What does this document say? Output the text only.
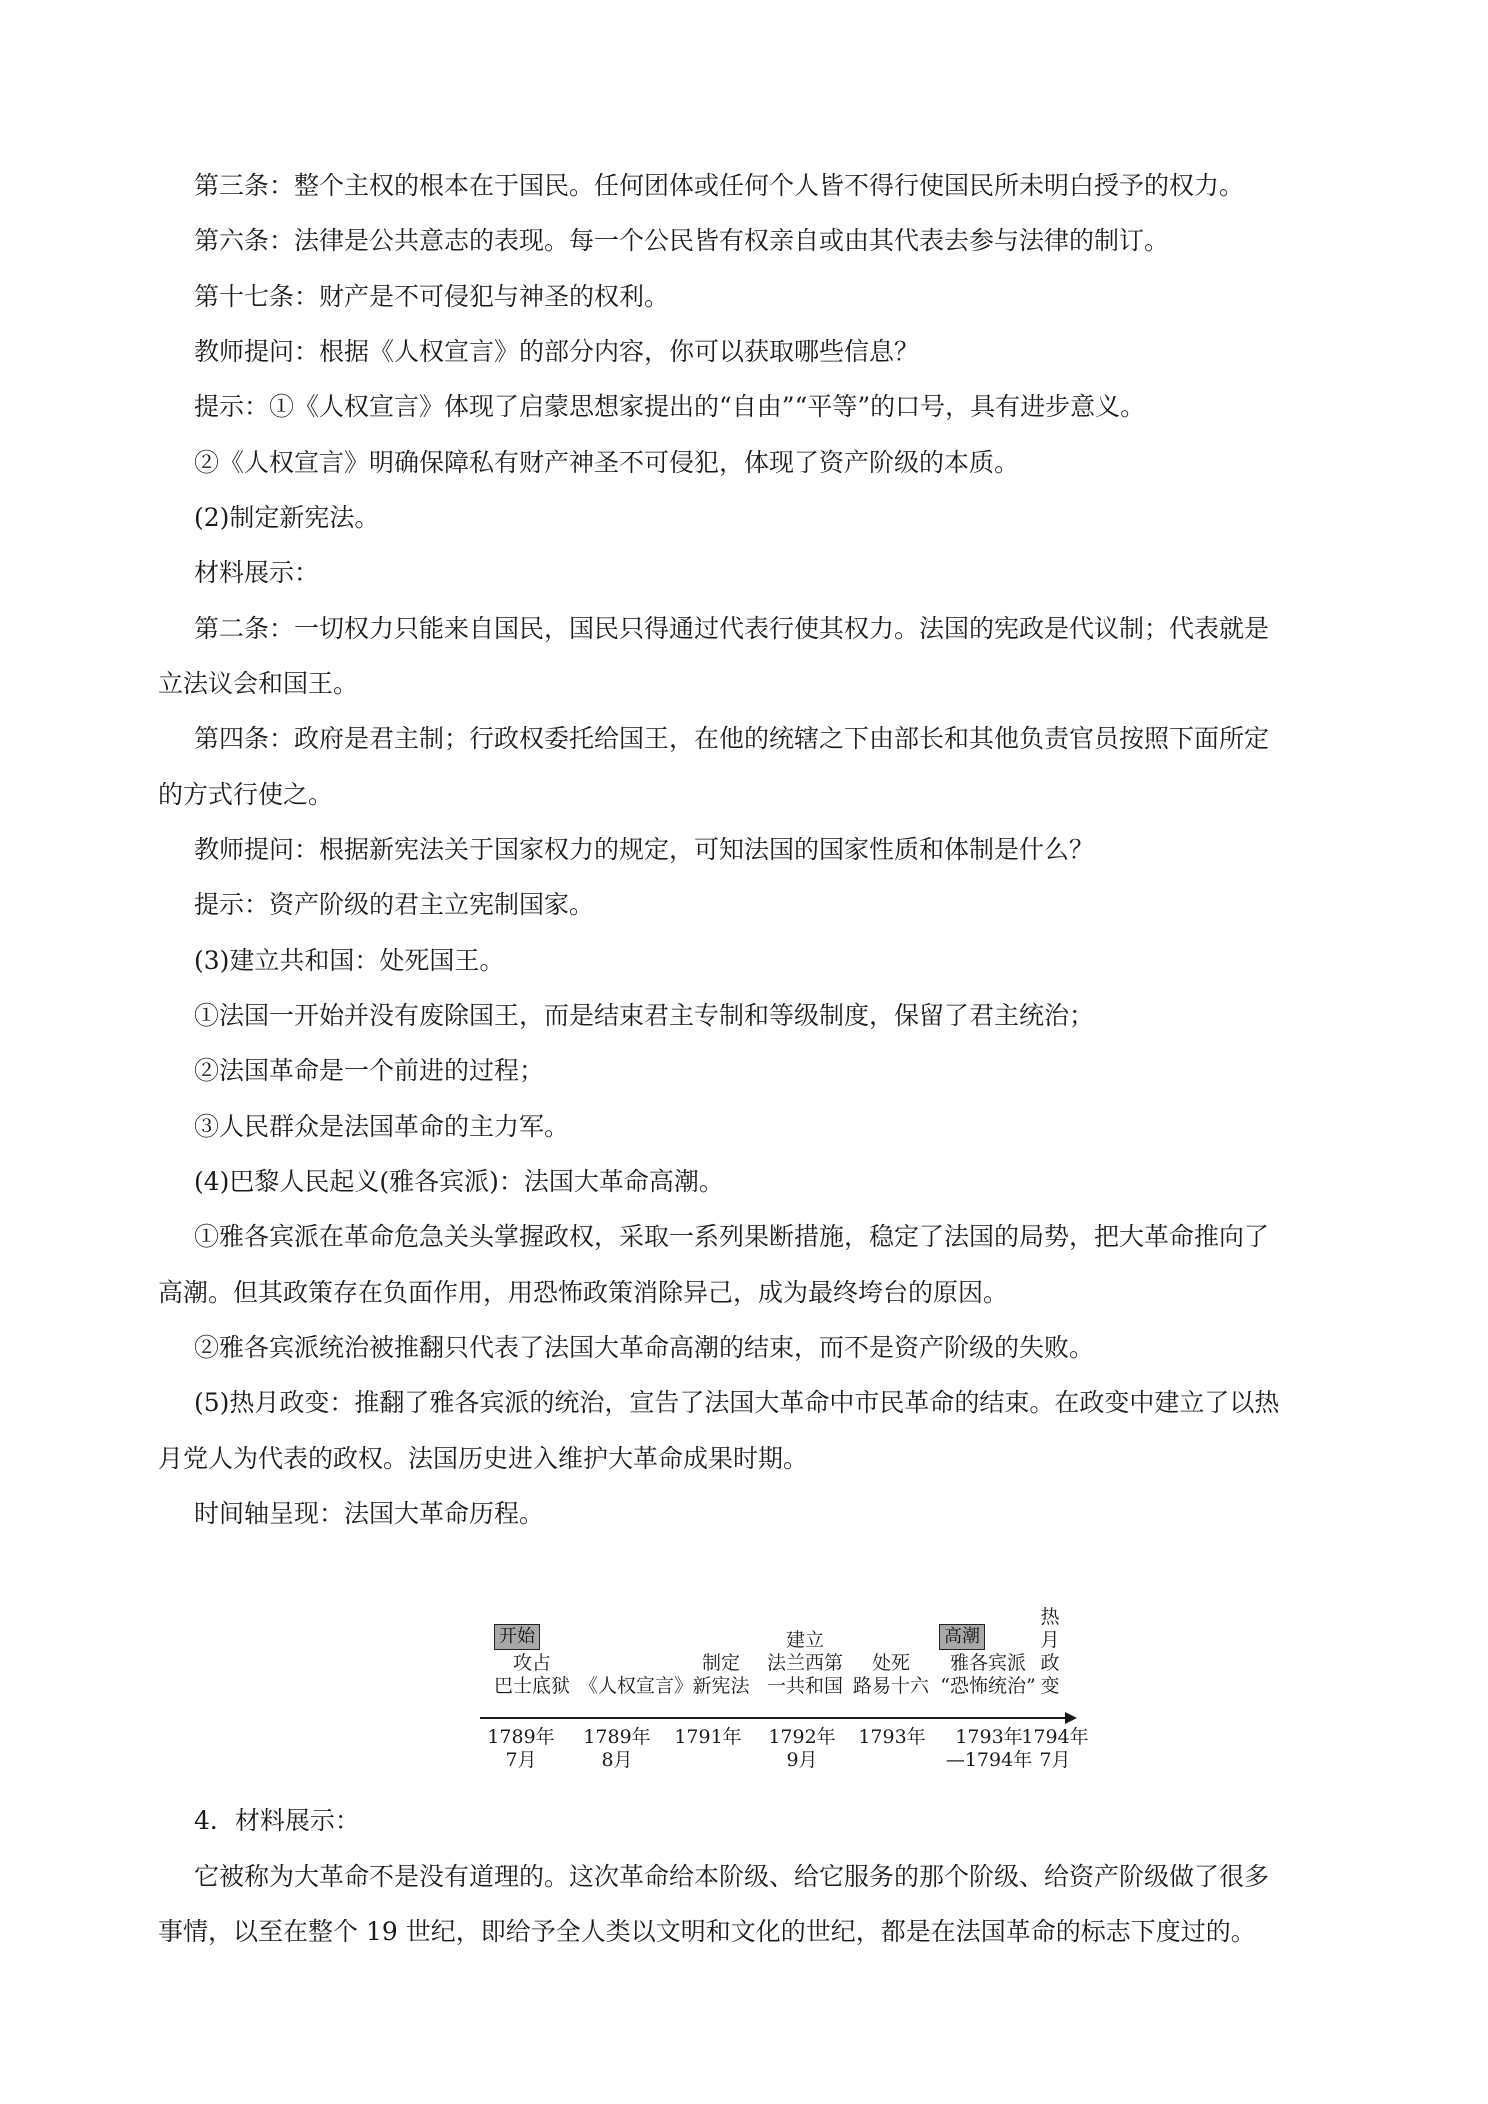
第三条：整个主权的根本在于国民。任何团体或任何个人皆不得行使国民所未明白授予的权力。
第六条：法律是公共意志的表现。每一个公民皆有权亲自或由其代表去参与法律的制订。
第十七条：财产是不可侵犯与神圣的权利。
教师提问：根据《人权宣言》的部分内容，你可以获取哪些信息？
提示：①《人权宣言》体现了启蒙思想家提出的“自由”“平等”的口号，具有进步意义。
②《人权宣言》明确保障私有财产神圣不可侵犯，体现了资产阶级的本质。
(2)制定新宪法。
材料展示：
第二条：一切权力只能来自国民，国民只得通过代表行使其权力。法国的宪政是代议制；代表就是
立法议会和国王。
第四条：政府是君主制；行政权委托给国王，在他的统辖之下由部长和其他负责官员按照下面所定
的方式行使之。
教师提问：根据新宪法关于国家权力的规定，可知法国的国家性质和体制是什么？
提示：资产阶级的君主立宪制国家。
(3)建立共和国：处死国王。
①法国一开始并没有废除国王，而是结束君主专制和等级制度，保留了君主统治；
②法国革命是一个前进的过程；
③人民群众是法国革命的主力军。
(4)巴黎人民起义(雅各宾派)：法国大革命高潮。
①雅各宾派在革命危急关头掌握政权，采取一系列果断措施，稳定了法国的局势，把大革命推向了
高潮。但其政策存在负面作用，用恐怖政策消除异己，成为最终垮台的原因。
②雅各宾派统治被推翻只代表了法国大革命高潮的结束，而不是资产阶级的失败。
(5)热月政变：推翻了雅各宾派的统治，宣告了法国大革命中市民革命的结束。在政变中建立了以热
月党人为代表的政权。法国历史进入维护大革命成果时期。
时间轴呈现：法国大革命历程。
开始	高潮
攻占
巴士底狱 《人权宣言》
制定
新宪法
建立
法兰西第
一共和国
处死
路易十六
雅各宾派
“恐怖统治”
热
月
政
变
1789年
7月
1789年
8月
1791年 1792年
9月
1793年	1793年
—1794年
1794年
7月
4．材料展示：
它被称为大革命不是没有道理的。这次革命给本阶级、给它服务的那个阶级、给资产阶级做了很多
事情，以至在整个 19 世纪，即给予全人类以文明和文化的世纪，都是在法国革命的标志下度过的。
